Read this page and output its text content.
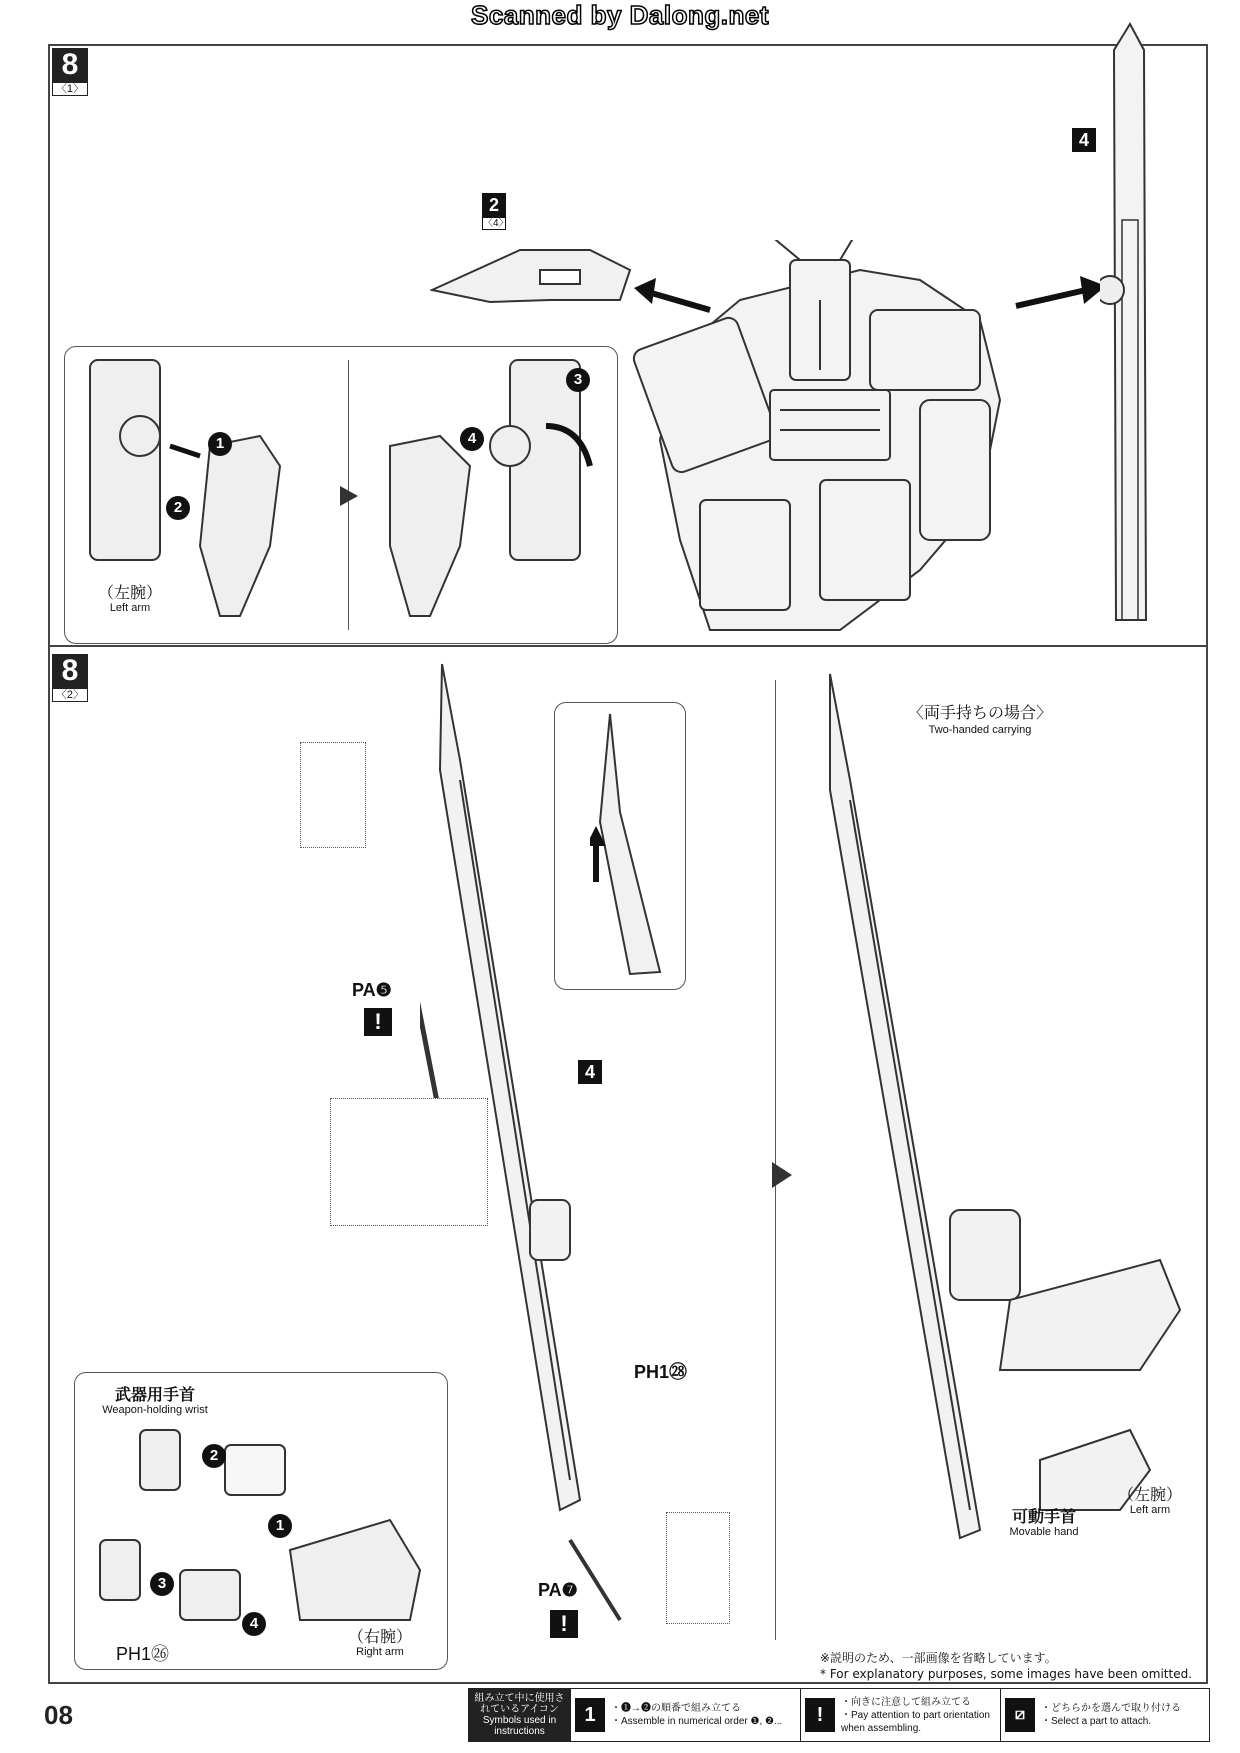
Scanned by Dalong.net
8
〈1〉
4
2
〈4〉
1
2
3
4
（左腕）
Left arm
8
〈2〉
PA❺
!
4
PH1㉘
PA❼
!
武器用手首
Weapon-holding wrist
2
1
3
4
PH1㉖
（右腕）
Right arm
〈両手持ちの場合〉
Two-handed carrying
可動手首
Movable hand
（左腕）
Left arm
※説明のため、一部画像を省略しています。
* For explanatory purposes, some images have been omitted.
08
組み立て中に使用されているアイコン Symbols used in instructions
1	・❶→❷の順番で組み立てる
・Assemble in numerical order ❶, ❷...	!
・向きに注意して組み立てる
・Pay attention to part orientation when assembling.
⧄	・どちらかを選んで取り付ける
・Select a part to attach.
